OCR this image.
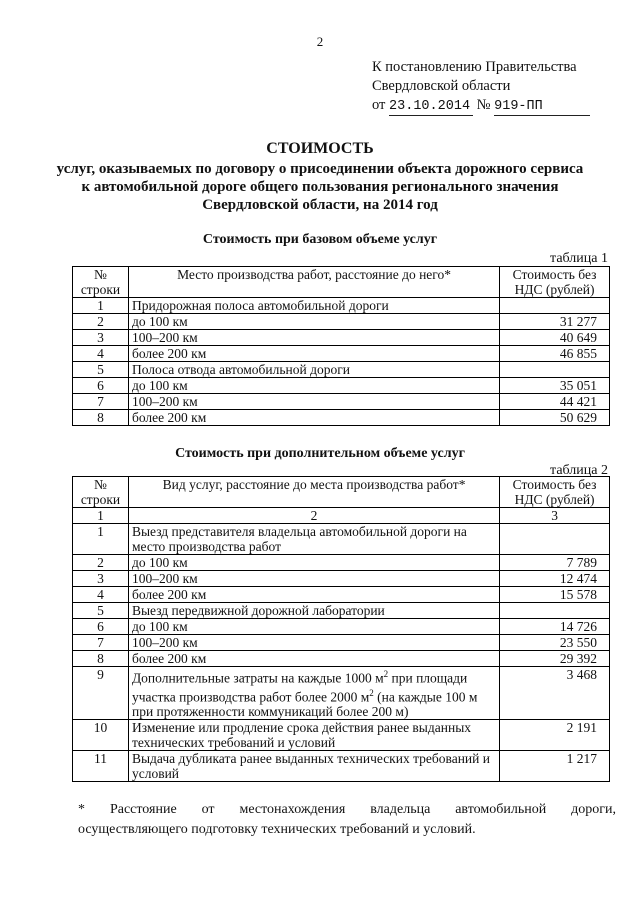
2
К постановлению Правительства
Свердловской области
от 23.10.2014 № 919-ПП
СТОИМОСТЬ
услуг, оказываемых по договору о присоединении объекта дорожного сервиса
к автомобильной дороге общего пользования регионального значения
Свердловской области, на 2014 год
Стоимость при базовом объеме услуг
таблица 1
№ строки	Место производства работ, расстояние до него*	Стоимость без НДС (рублей)
1	Придорожная полоса автомобильной дороги	
2	до 100 км	31 277
3	100–200 км	40 649
4	более 200 км	46 855
5	Полоса отвода автомобильной дороги	
6	до 100 км	35 051
7	100–200 км	44 421
8	более 200 км	50 629
Стоимость при дополнительном объеме услуг
таблица 2
№ строки	Вид услуг, расстояние до места производства работ*	Стоимость без НДС (рублей)
1	2	3
1	Выезд представителя владельца автомобильной дороги на место производства работ	
2	до 100 км	7 789
3	100–200 км	12 474
4	более 200 км	15 578
5	Выезд передвижной дорожной лаборатории	
6	до 100 км	14 726
7	100–200 км	23 550
8	более 200 км	29 392
9	Дополнительные затраты на каждые 1000 $м^2$ при площади участка производства работ более 2000 $м^2$ (на каждые 100 м при протяженности коммуникаций более 200 м)	3 468
10	Изменение или продление срока действия ранее выданных технических требований и условий	2 191
11	Выдача дубликата ранее выданных технических требований и условий	1 217
* Расстояние от местонахождения владельца автомобильной дороги,
осуществляющего подготовку технических требований и условий.
